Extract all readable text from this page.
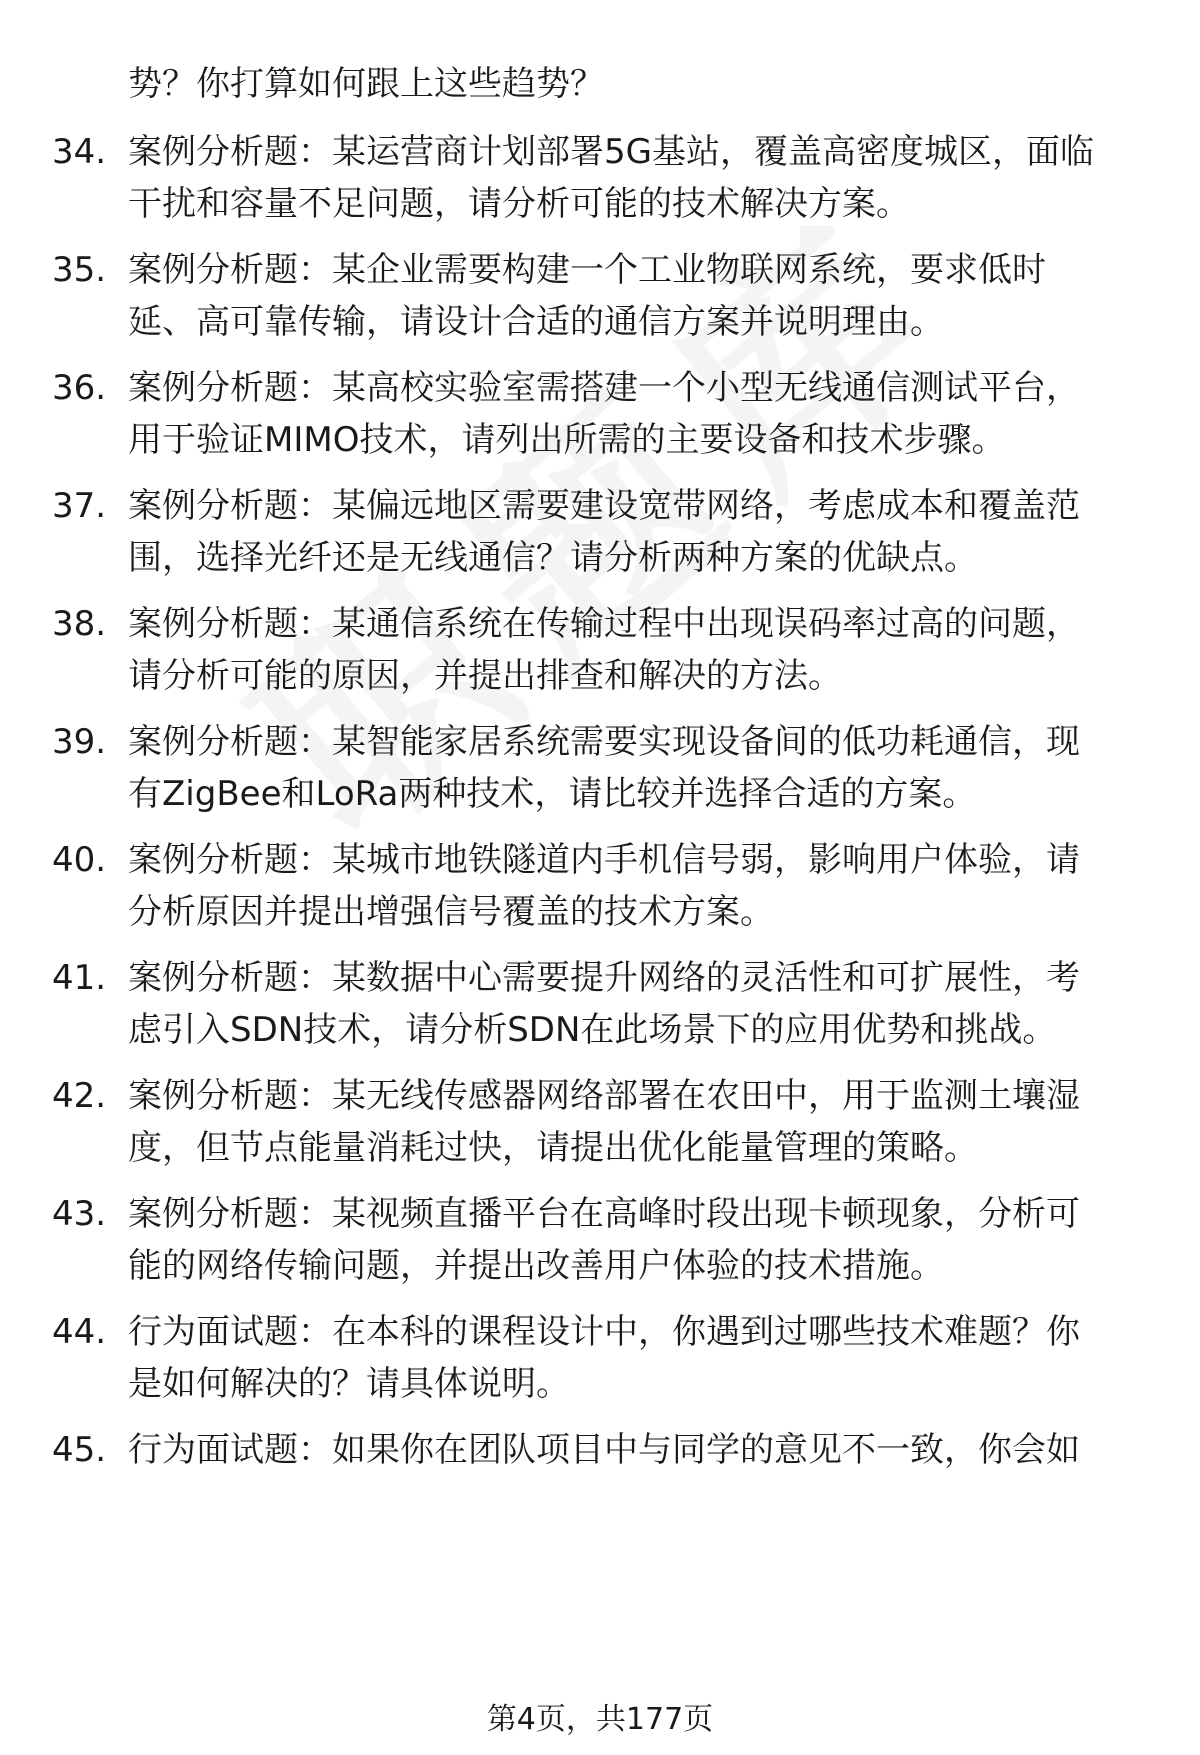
势？你打算如何跟上这些趋势？
34. 案例分析题：某运营商计划部署5G基站，覆盖高密度城区，面临
干扰和容量不足问题，请分析可能的技术解决方案。
35. 案例分析题：某企业需要构建一个工业物联网系统，要求低时
延、高可靠传输，请设计合适的通信方案并说明理由。
36. 案例分析题：某高校实验室需搭建一个小型无线通信测试平台，
用于验证MIMO技术，请列出所需的主要设备和技术步骤。
37. 案例分析题：某偏远地区需要建设宽带网络，考虑成本和覆盖范
围，选择光纤还是无线通信？请分析两种方案的优缺点。
38. 案例分析题：某通信系统在传输过程中出现误码率过高的问题，
请分析可能的原因，并提出排查和解决的方法。
39. 案例分析题：某智能家居系统需要实现设备间的低功耗通信，现
有ZigBee和LoRa两种技术，请比较并选择合适的方案。
40. 案例分析题：某城市地铁隧道内手机信号弱，影响用户体验，请
分析原因并提出增强信号覆盖的技术方案。
41. 案例分析题：某数据中心需要提升网络的灵活性和可扩展性，考
虑引入SDN技术，请分析SDN在此场景下的应用优势和挑战。
42. 案例分析题：某无线传感器网络部署在农田中，用于监测土壤湿
度，但节点能量消耗过快，请提出优化能量管理的策略。
43. 案例分析题：某视频直播平台在高峰时段出现卡顿现象，分析可
能的网络传输问题，并提出改善用户体验的技术措施。
44. 行为面试题：在本科的课程设计中，你遇到过哪些技术难题？你
是如何解决的？请具体说明。
45. 行为面试题：如果你在团队项目中与同学的意见不一致，你会如
第4页，共177页
